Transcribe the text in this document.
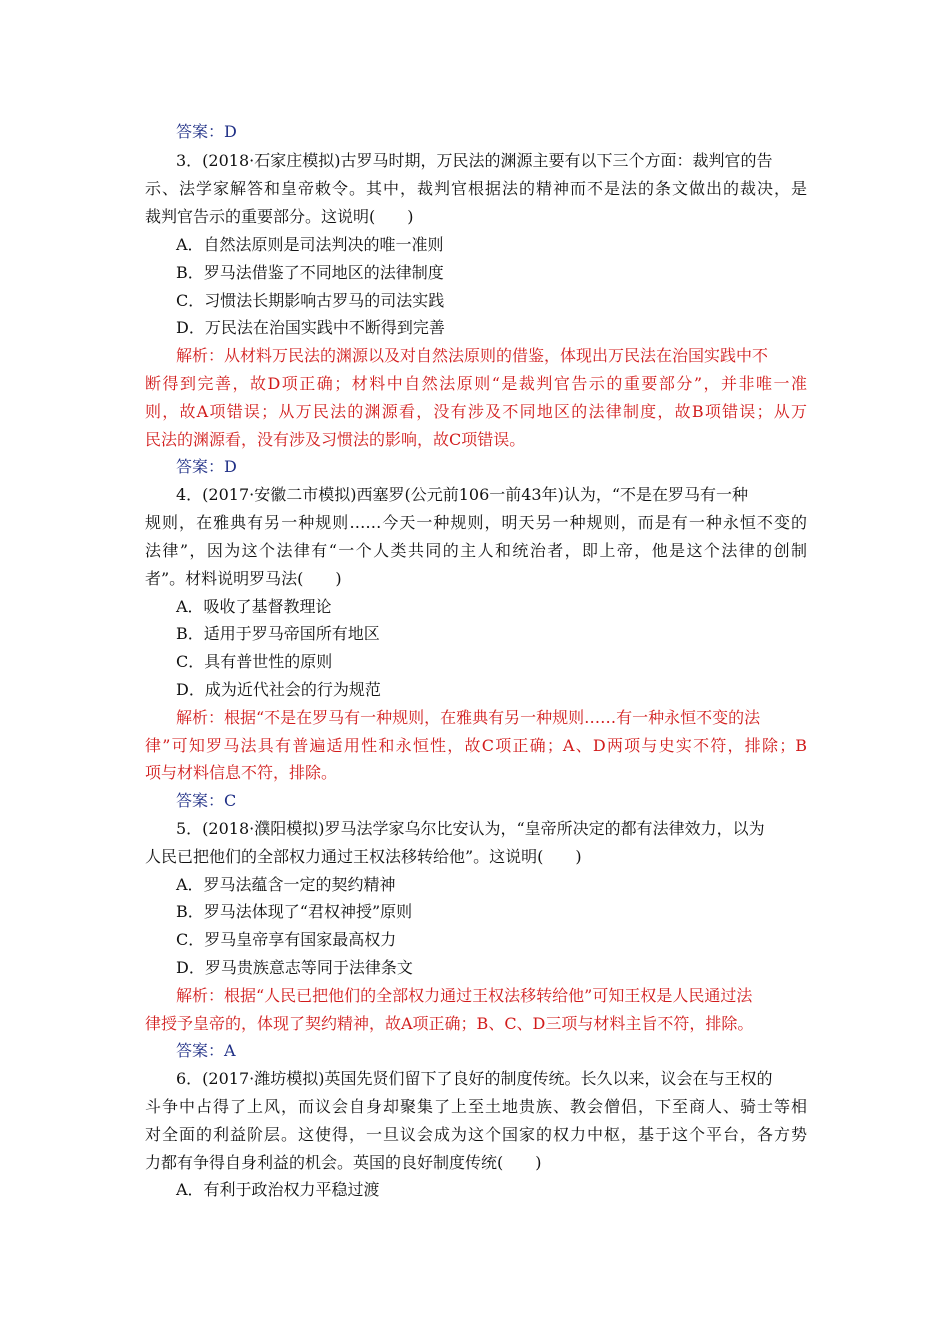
答案：D
3．(2018·石家庄模拟)古罗马时期，万民法的渊源主要有以下三个方面：裁判官的告
示、法学家解答和皇帝敕令。其中，裁判官根据法的精神而不是法的条文做出的裁决，是
裁判官告示的重要部分。这说明(　　)
A．自然法原则是司法判决的唯一准则
B．罗马法借鉴了不同地区的法律制度
C．习惯法长期影响古罗马的司法实践
D．万民法在治国实践中不断得到完善
解析：从材料万民法的渊源以及对自然法原则的借鉴，体现出万民法在治国实践中不
断得到完善，故D项正确；材料中自然法原则“是裁判官告示的重要部分”，并非唯一准
则，故A项错误；从万民法的渊源看，没有涉及不同地区的法律制度，故B项错误；从万
民法的渊源看，没有涉及习惯法的影响，故C项错误。
答案：D
4．(2017·安徽二市模拟)西塞罗(公元前106一前43年)认为，“不是在罗马有一种
规则，在雅典有另一种规则……今天一种规则，明天另一种规则，而是有一种永恒不变的
法律”，因为这个法律有“一个人类共同的主人和统治者，即上帝，他是这个法律的创制
者”。材料说明罗马法(　　)
A．吸收了基督教理论
B．适用于罗马帝国所有地区
C．具有普世性的原则
D．成为近代社会的行为规范
解析：根据“不是在罗马有一种规则，在雅典有另一种规则……有一种永恒不变的法
律”可知罗马法具有普遍适用性和永恒性，故C项正确；A、D两项与史实不符，排除；B
项与材料信息不符，排除。
答案：C
5．(2018·濮阳模拟)罗马法学家乌尔比安认为，“皇帝所决定的都有法律效力，以为
人民已把他们的全部权力通过王权法移转给他”。这说明(　　)
A．罗马法蕴含一定的契约精神
B．罗马法体现了“君权神授”原则
C．罗马皇帝享有国家最高权力
D．罗马贵族意志等同于法律条文
解析：根据“人民已把他们的全部权力通过王权法移转给他”可知王权是人民通过法
律授予皇帝的，体现了契约精神，故A项正确；B、C、D三项与材料主旨不符，排除。
答案：A
6．(2017·潍坊模拟)英国先贤们留下了良好的制度传统。长久以来，议会在与王权的
斗争中占得了上风，而议会自身却聚集了上至土地贵族、教会僧侣，下至商人、骑士等相
对全面的利益阶层。这使得，一旦议会成为这个国家的权力中枢，基于这个平台，各方势
力都有争得自身利益的机会。英国的良好制度传统(　　)
A．有利于政治权力平稳过渡
